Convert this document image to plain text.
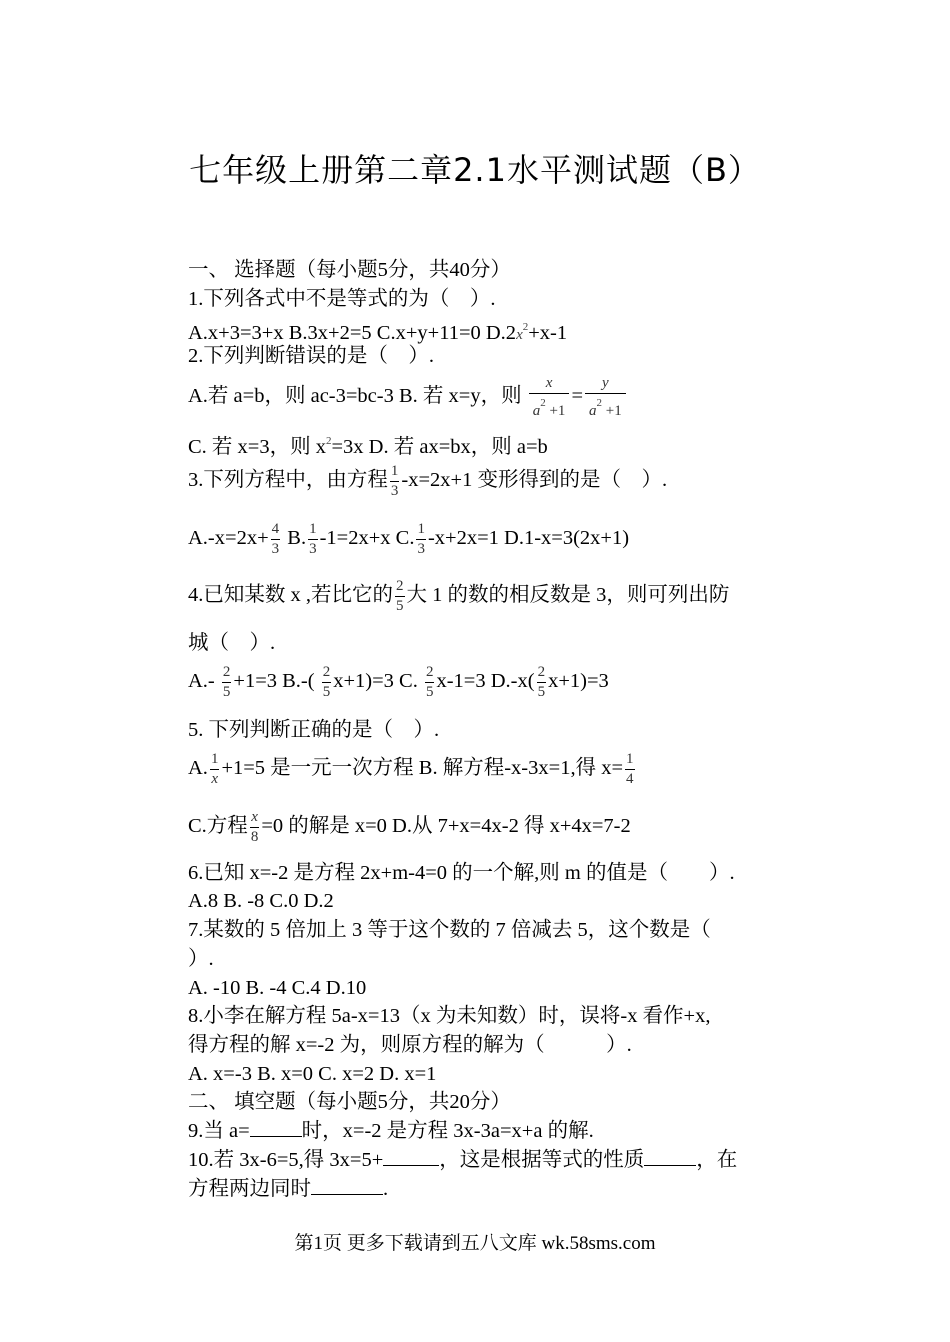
七年级上册第二章2.1水平测试题（B）
一、 选择题（每小题5分，共40分）
1.下列各式中不是等式的为（　）.
A.x+3=3+x B.3x+2=5 C.x+y+11=0 $D.2x^2+x-1$
2.下列判断错误的是（　）.
A.若 a=b，则 ac-3=bc-3 B. 若 x=y，则 $\frac{x}{a^2 +1} = \frac{y}{a^2 +1}$
C. 若 x=3，则 $x^2=3x$ D. 若 ax=bx，则 a=b
3.下列方程中，由方程 $\frac{1}{3} -x=2x+1$ 变形得到的是（　）.
$A.-x=2x+ \frac{4}{3} B$. $\frac{1}{3} -1=2x+x$ C. $\frac{1}{3} -x+2x=1$ D.1-x=3(2x+1)
4.已知某数 x ,若比它的 $\frac{2}{5}$ 大 1 的数的相反数是 3，则可列出防
城（　）.
$A.- \frac{2}{5} +1=3$ $B.-( \frac{2}{5} x+1)=3$ C. $\frac{2}{5} x-1=3$ $D.-x( \frac{2}{5} x+1)=3$
5. 下列判断正确的是（　）.
A. $\frac{1}{x} +1=5$ 是一元一次方程 B. 解方程-x-3x=1,得 $x= \frac{1}{4}$
C.方程 $\frac{x}{8} =0$ 的解是 x=0 D.从 7+x=4x-2 得 x+4x=7-2
6.已知 x=-2 是方程 2x+m-4=0 的一个解,则 m 的值是（　　）.
A.8 B. -8 C.0 D.2
7.某数的 5 倍加上 3 等于这个数的 7 倍减去 5，这个数是（
）.
A. -10 B. -4 C.4 D.10
8.小李在解方程 5a-x=13（x 为未知数）时，误将-x 看作+x,
得方程的解 x=-2 为，则原方程的解为（　　　）.
A. x=-3 B. x=0 C. x=2 D. x=1
二、 填空题（每小题5分，共20分）
9.当 a=	时，x=-2 是方程 3x-3a=x+a 的解.
10.若 3x-6=5,得 3x=5+	，这是根据等式的性质	，在
方程两边同时	.
第1页 更多下载请到五八文库 wk.58sms.com
